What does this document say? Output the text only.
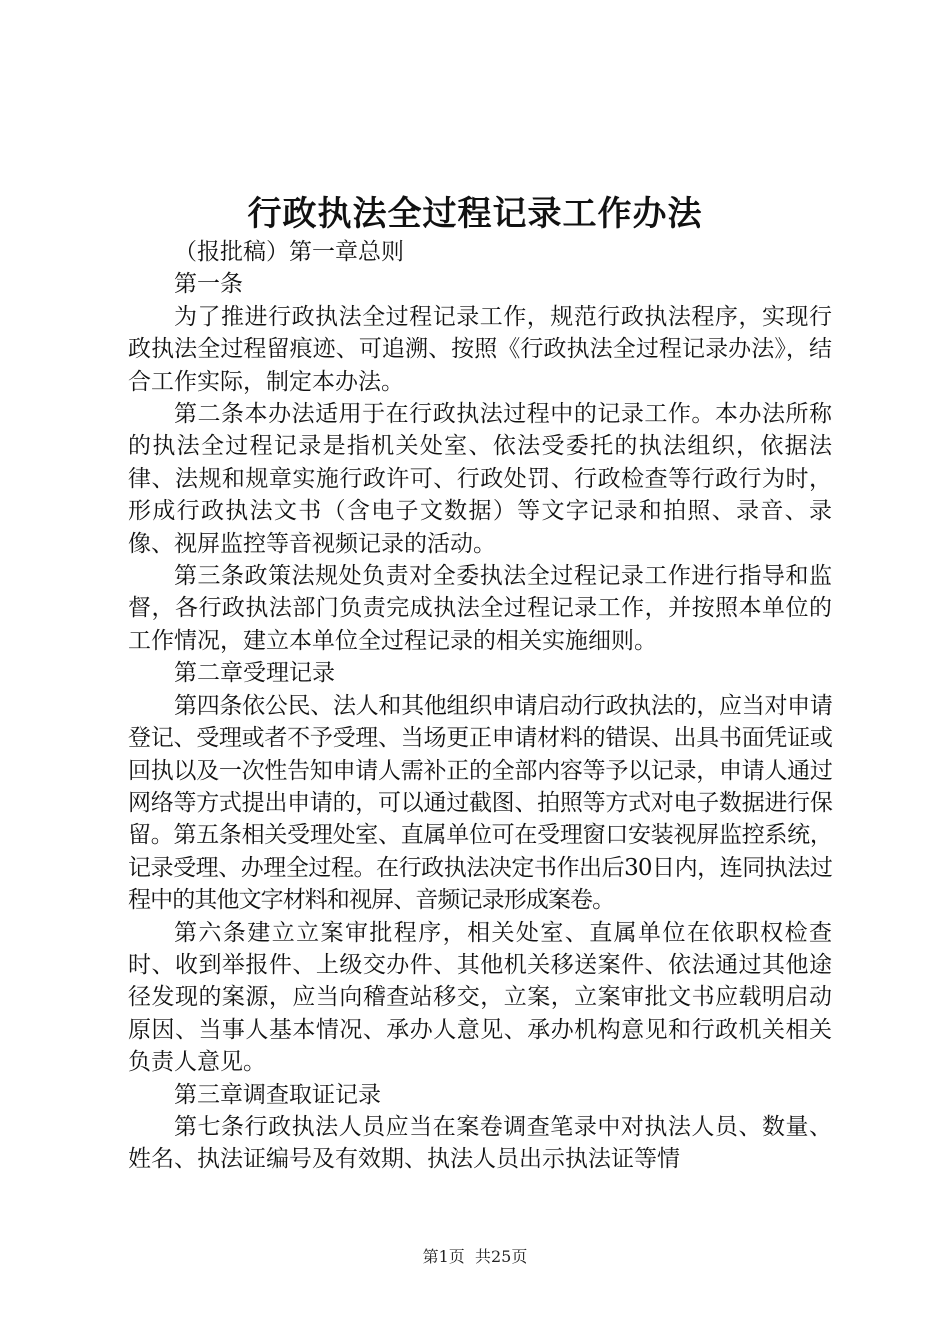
行政执法全过程记录工作办法

（报批稿）第一章总则

第一条

为了推进行政执法全过程记录工作，规范行政执法程序，实现行政执法全过程留痕迹、可追溯、按照《行政执法全过程记录办法》，结合工作实际，制定本办法。

第二条本办法适用于在行政执法过程中的记录工作。本办法所称的执法全过程记录是指机关处室、依法受委托的执法组织，依据法律、法规和规章实施行政许可、行政处罚、行政检查等行政行为时，形成行政执法文书（含电子文数据）等文字记录和拍照、录音、录像、视屏监控等音视频记录的活动。

第三条政策法规处负责对全委执法全过程记录工作进行指导和监督，各行政执法部门负责完成执法全过程记录工作，并按照本单位的工作情况，建立本单位全过程记录的相关实施细则。

第二章受理记录

第四条依公民、法人和其他组织申请启动行政执法的，应当对申请登记、受理或者不予受理、当场更正申请材料的错误、出具书面凭证或回执以及一次性告知申请人需补正的全部内容等予以记录，申请人通过网络等方式提出申请的，可以通过截图、拍照等方式对电子数据进行保留。第五条相关受理处室、直属单位可在受理窗口安装视屏监控系统，记录受理、办理全过程。在行政执法决定书作出后30日内，连同执法过程中的其他文字材料和视屏、音频记录形成案卷。

第六条建立立案审批程序，相关处室、直属单位在依职权检查时、收到举报件、上级交办件、其他机关移送案件、依法通过其他途径发现的案源，应当向稽查站移交，立案，立案审批文书应载明启动原因、当事人基本情况、承办人意见、承办机构意见和行政机关相关负责人意见。

第三章调查取证记录

第七条行政执法人员应当在案卷调查笔录中对执法人员、数量、姓名、执法证编号及有效期、执法人员出示执法证等情

第1页 共25页
